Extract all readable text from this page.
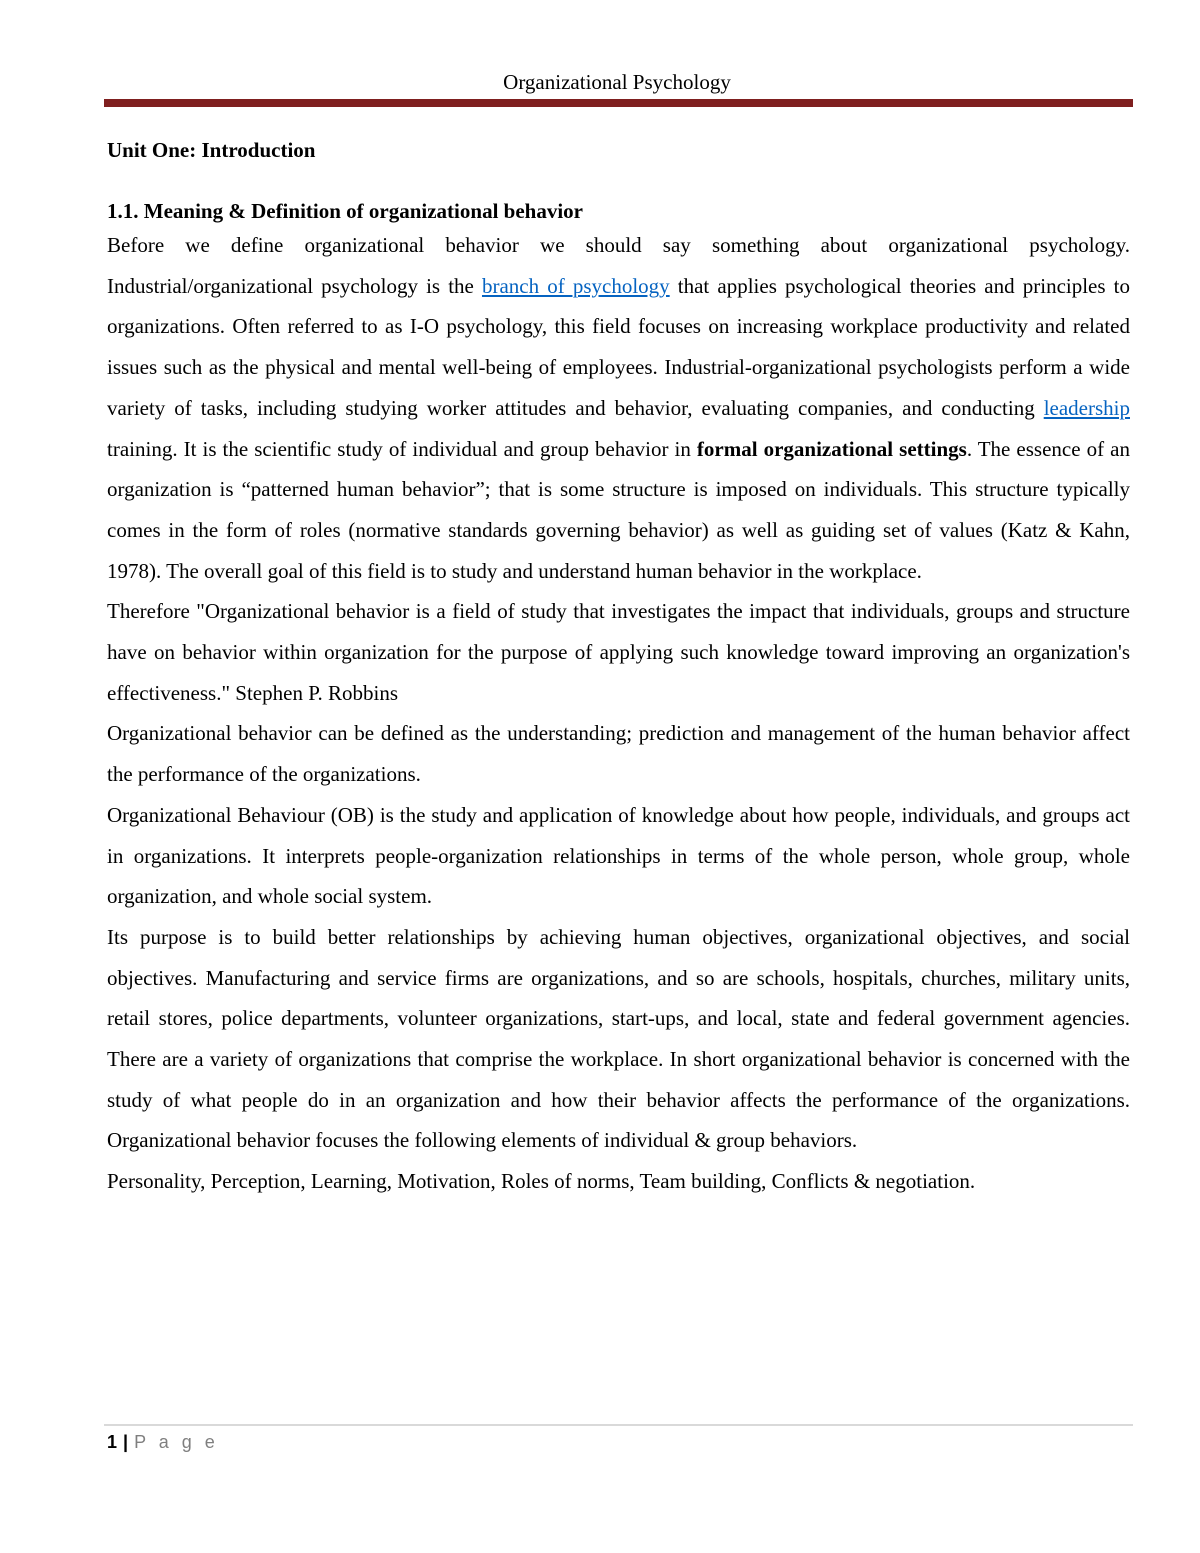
Organizational Psychology
Unit One: Introduction
1.1. Meaning & Definition of organizational behavior

Before we define organizational behavior we should say something about organizational psychology. Industrial/organizational psychology is the branch of psychology that applies psychological theories and principles to organizations. Often referred to as I-O psychology, this field focuses on increasing workplace productivity and related issues such as the physical and mental well-being of employees. Industrial-organizational psychologists perform a wide variety of tasks, including studying worker attitudes and behavior, evaluating companies, and conducting leadership training. It is the scientific study of individual and group behavior in formal organizational settings. The essence of an organization is “patterned human behavior”; that is some structure is imposed on individuals. This structure typically comes in the form of roles (normative standards governing behavior) as well as guiding set of values (Katz & Kahn, 1978). The overall goal of this field is to study and understand human behavior in the workplace.

Therefore "Organizational behavior is a field of study that investigates the impact that individuals, groups and structure have on behavior within organization for the purpose of applying such knowledge toward improving an organization's effectiveness." Stephen P. Robbins

Organizational behavior can be defined as the understanding; prediction and management of the human behavior affect the performance of the organizations.

Organizational Behaviour (OB) is the study and application of knowledge about how people, individuals, and groups act in organizations. It interprets people-organization relationships in terms of the whole person, whole group, whole organization, and whole social system.

Its purpose is to build better relationships by achieving human objectives, organizational objectives, and social objectives. Manufacturing and service firms are organizations, and so are schools, hospitals, churches, military units, retail stores, police departments, volunteer organizations, start-ups, and local, state and federal government agencies. There are a variety of organizations that comprise the workplace. In short organizational behavior is concerned with the study of what people do in an organization and how their behavior affects the performance of the organizations. Organizational behavior focuses the following elements of individual & group behaviors.

Personality, Perception, Learning, Motivation, Roles of norms, Team building, Conflicts & negotiation.

1 | P a g e
